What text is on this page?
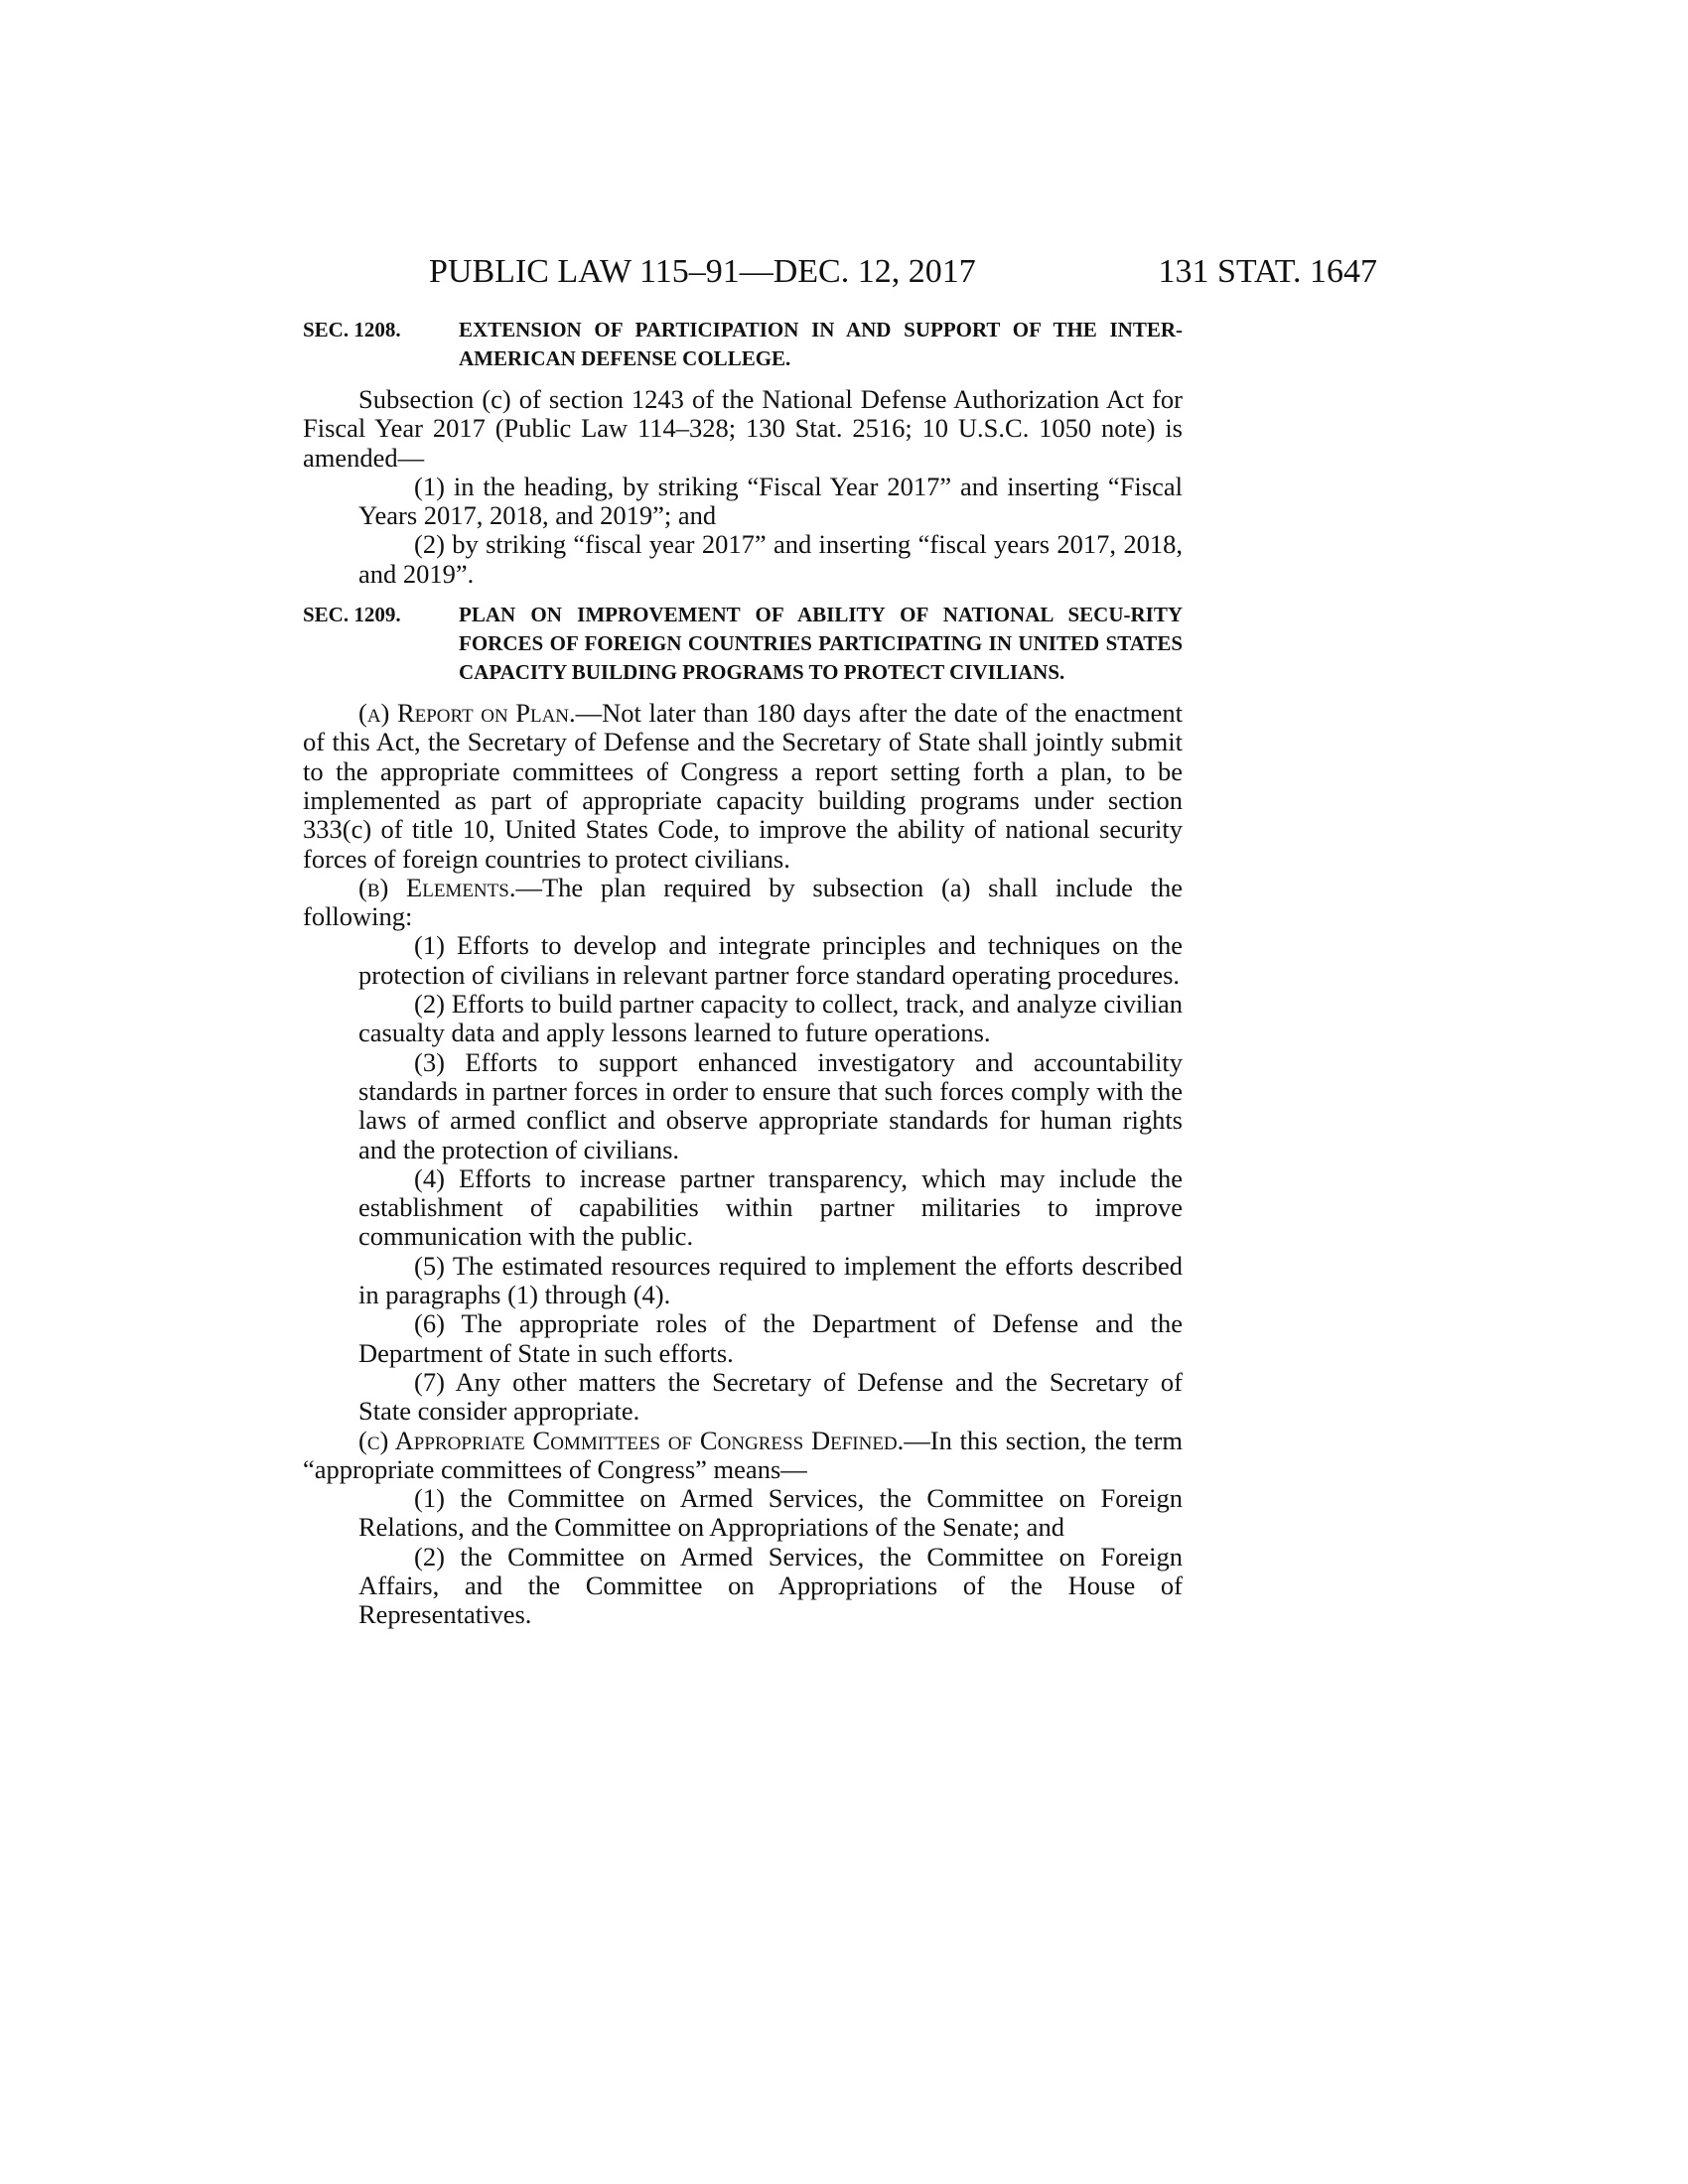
PUBLIC LAW 115–91—DEC. 12, 2017	131 STAT. 1647
SEC. 1208.	EXTENSION OF PARTICIPATION IN AND SUPPORT OF THE INTER-AMERICAN DEFENSE COLLEGE.

Subsection (c) of section 1243 of the National Defense Authorization Act for Fiscal Year 2017 (Public Law 114–328; 130 Stat. 2516; 10 U.S.C. 1050 note) is amended—

(1) in the heading, by striking “Fiscal Year 2017” and inserting “Fiscal Years 2017, 2018, and 2019”; and

(2) by striking “fiscal year 2017” and inserting “fiscal years 2017, 2018, and 2019”.

SEC. 1209.	PLAN ON IMPROVEMENT OF ABILITY OF NATIONAL SECU-RITY FORCES OF FOREIGN COUNTRIES PARTICIPATING IN UNITED STATES CAPACITY BUILDING PROGRAMS TO PROTECT CIVILIANS.

(a) Report on Plan.—Not later than 180 days after the date of the enactment of this Act, the Secretary of Defense and the Secretary of State shall jointly submit to the appropriate committees of Congress a report setting forth a plan, to be implemented as part of appropriate capacity building programs under section 333(c) of title 10, United States Code, to improve the ability of national security forces of foreign countries to protect civilians.

(b) Elements.—The plan required by subsection (a) shall include the following:

(1) Efforts to develop and integrate principles and techniques on the protection of civilians in relevant partner force standard operating procedures.

(2) Efforts to build partner capacity to collect, track, and analyze civilian casualty data and apply lessons learned to future operations.

(3) Efforts to support enhanced investigatory and accountability standards in partner forces in order to ensure that such forces comply with the laws of armed conflict and observe appropriate standards for human rights and the protection of civilians.

(4) Efforts to increase partner transparency, which may include the establishment of capabilities within partner militaries to improve communication with the public.

(5) The estimated resources required to implement the efforts described in paragraphs (1) through (4).

(6) The appropriate roles of the Department of Defense and the Department of State in such efforts.

(7) Any other matters the Secretary of Defense and the Secretary of State consider appropriate.

(c) Appropriate Committees of Congress Defined.—In this section, the term “appropriate committees of Congress” means—

(1) the Committee on Armed Services, the Committee on Foreign Relations, and the Committee on Appropriations of the Senate; and

(2) the Committee on Armed Services, the Committee on Foreign Affairs, and the Committee on Appropriations of the House of Representatives.
